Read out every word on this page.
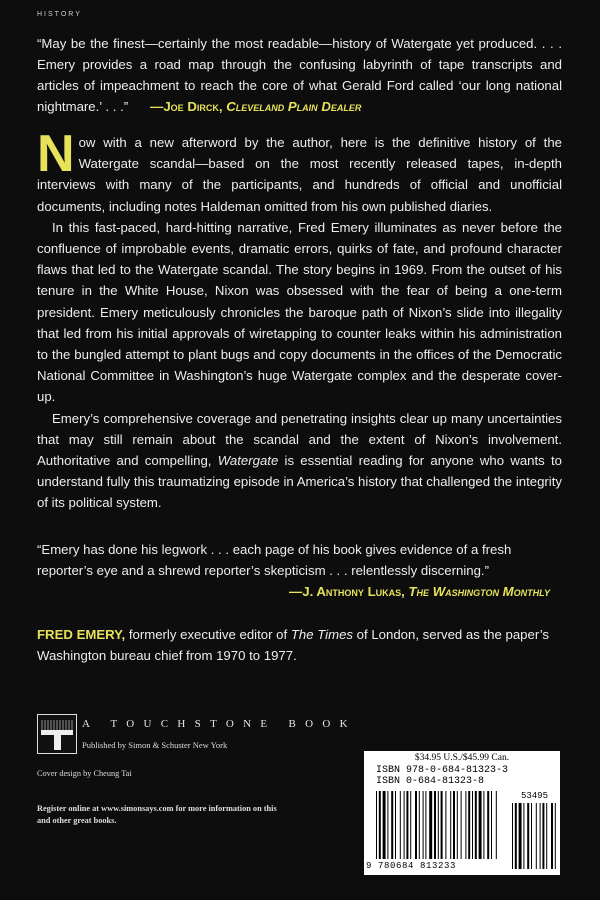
HISTORY
“May be the finest—certainly the most readable—history of Watergate yet produced. . . . Emery provides a road map through the confusing labyrinth of tape transcripts and articles of impeachment to reach the core of what Gerald Ford called ‘our long national nightmare.’ . . .” —Joe Dirck, Cleveland Plain Dealer

Now with a new afterword by the author, here is the definitive history of the Watergate scandal—based on the most recently released tapes, in-depth interviews with many of the participants, and hundreds of official and unofficial documents, including notes Haldeman omitted from his own published diaries.

In this fast-paced, hard-hitting narrative, Fred Emery illuminates as never before the confluence of improbable events, dramatic errors, quirks of fate, and profound character flaws that led to the Watergate scandal. The story begins in 1969. From the outset of his tenure in the White House, Nixon was obsessed with the fear of being a one-term president. Emery meticulously chronicles the baroque path of Nixon’s slide into illegality that led from his initial approvals of wiretapping to counter leaks within his administration to the bungled attempt to plant bugs and copy documents in the offices of the Democratic National Committee in Washington’s huge Watergate complex and the desperate cover-up.

Emery’s comprehensive coverage and penetrating insights clear up many uncertainties that may still remain about the scandal and the extent of Nixon’s involvement. Authoritative and compelling, Watergate is essential reading for anyone who wants to understand fully this traumatizing episode in America’s history that challenged the integrity of its political system.

“Emery has done his legwork . . . each page of his book gives evidence of a fresh reporter’s eye and a shrewd reporter’s skepticism . . . relentlessly discerning.”
—J. Anthony Lukas, The Washington Monthly
FRED EMERY, formerly executive editor of The Times of London, served as the paper’s Washington bureau chief from 1970 to 1977.
A TOUCHSTONE BOOK
Published by Simon & Schuster New York
Cover design by Cheung Tai
Register online at www.simonsays.com for more information on this and other great books.
$34.95 U.S./$45.99 Can.
ISBN 978-0-684-81323-3
ISBN 0-684-81323-8
53495
9 780684 813233
